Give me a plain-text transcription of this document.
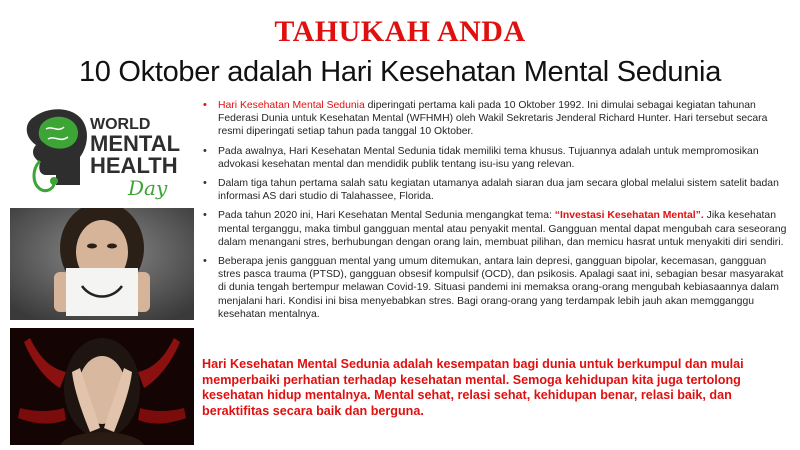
TAHUKAH ANDA
10 Oktober adalah Hari Kesehatan Mental Sedunia
WORLD
MENTAL
HEALTH
Day
• Hari Kesehatan Mental Sedunia diperingati pertama kali pada 10 Oktober 1992. Ini dimulai sebagai kegiatan tahunan Federasi Dunia untuk Kesehatan Mental (WFHMH) oleh Wakil Sekretaris Jenderal Richard Hunter. Hari tersebut secara resmi diperingati setiap tahun pada tanggal 10 Oktober.
• Pada awalnya, Hari Kesehatan Mental Sedunia tidak memiliki tema khusus. Tujuannya adalah untuk mempromosikan advokasi kesehatan mental dan mendidik publik tentang isu-isu yang relevan.
• Dalam tiga tahun pertama salah satu kegiatan utamanya adalah siaran dua jam secara global melalui sistem satelit badan informasi AS dari studio di Talahassee, Florida.
• Pada tahun 2020 ini, Hari Kesehatan Mental Sedunia mengangkat tema: “Investasi Kesehatan Mental”. Jika kesehatan mental terganggu, maka timbul gangguan mental atau penyakit mental. Gangguan mental dapat mengubah cara seseorang dalam menangani stres, berhubungan dengan orang lain, membuat pilihan, dan memicu hasrat untuk menyakiti diri sendiri.
• Beberapa jenis gangguan mental yang umum ditemukan, antara lain depresi, gangguan bipolar, kecemasan, gangguan stres pasca trauma (PTSD), gangguan obsesif kompulsif (OCD), dan psikosis. Apalagi saat ini, sebagian besar masyarakat di dunia tengah bertempur melawan Covid-19. Situasi pandemi ini memaksa orang-orang mengubah kebiasaannya dalam menjalani hari. Kondisi ini bisa menyebabkan stres. Bagi orang-orang yang terdampak lebih jauh akan memgganggu kesehatan mentalnya.
Hari Kesehatan Mental Sedunia adalah kesempatan bagi dunia untuk berkumpul dan mulai memperbaiki perhatian terhadap kesehatan mental. Semoga kehidupan kita juga tertolong kesehatan hidup mentalnya. Mental sehat, relasi sehat, kehidupan benar, relasi baik, dan beraktifitas secara baik dan berguna.
